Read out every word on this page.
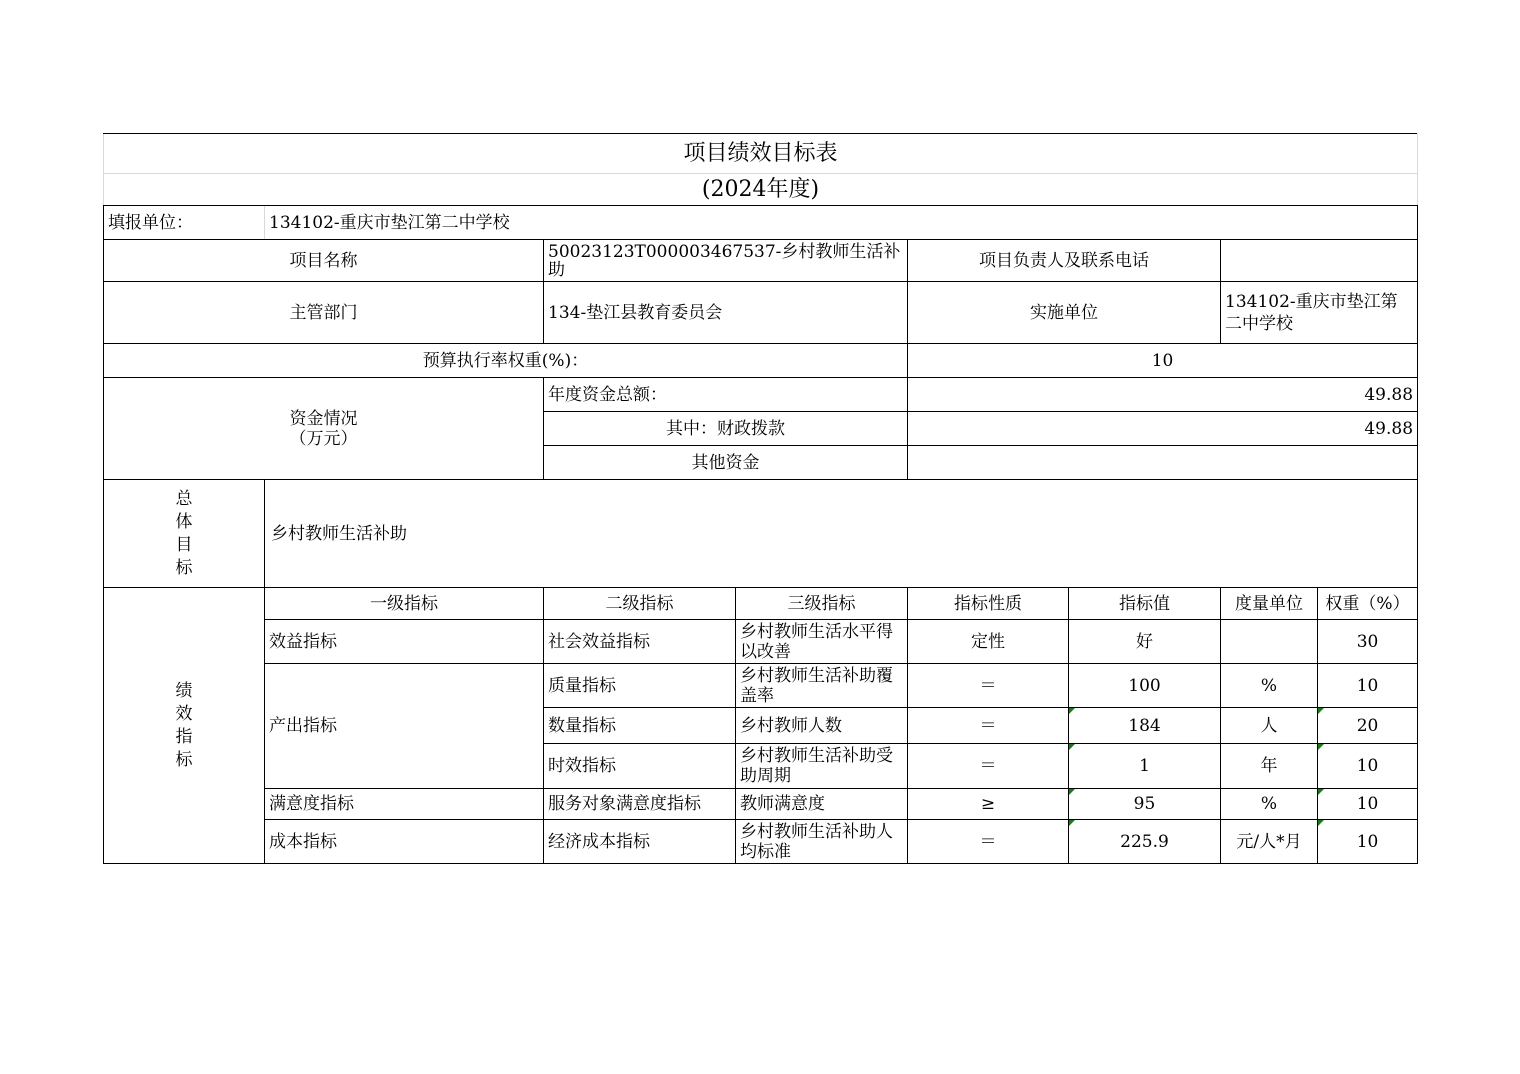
项目绩效目标表							
(2024年度)							
填报单位：	134102-重庆市垫江第二中学校						
项目名称		50023123T000003467537-乡村教师生活补助		项目负责人及联系电话			
主管部门		134-垫江县教育委员会		实施单位		134102-重庆市垫江第二中学校	
预算执行率权重(%)：				10			

资金情况
（万元）		年度资金总额：		49.88			
		其中：财政拨款		49.88			
		其他资金					

总
体
目
标	乡村教师生活补助						

绩
效
指
标	一级指标	二级指标	三级指标	指标性质	指标值	度量单位	权重（%）
	效益指标	社会效益指标	乡村教师生活水平得以改善	定性	好		30
	产出指标	质量指标	乡村教师生活补助覆盖率	＝	100	%	10
		数量指标	乡村教师人数	＝	184	人	20
		时效指标	乡村教师生活补助受助周期	＝	1	年	10
	满意度指标	服务对象满意度指标	教师满意度	≥	95	%	10
	成本指标	经济成本指标	乡村教师生活补助人均标准	＝	225.9	元/人*月	10
